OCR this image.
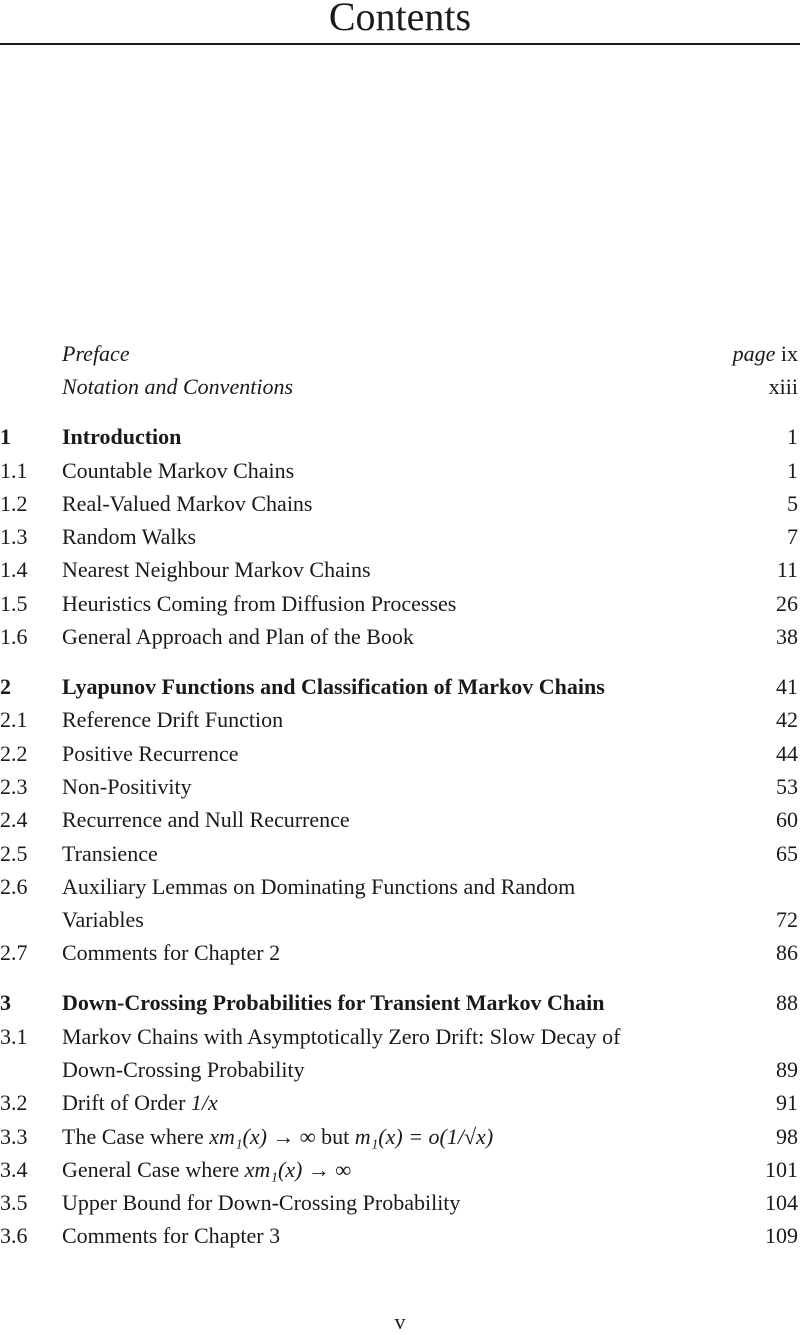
Contents
Preface	page ix
Notation and Conventions	xiii
1 Introduction	1
1.1 Countable Markov Chains	1
1.2 Real-Valued Markov Chains	5
1.3 Random Walks	7
1.4 Nearest Neighbour Markov Chains	11
1.5 Heuristics Coming from Diffusion Processes	26
1.6 General Approach and Plan of the Book	38
2 Lyapunov Functions and Classification of Markov Chains	41
2.1 Reference Drift Function	42
2.2 Positive Recurrence	44
2.3 Non-Positivity	53
2.4 Recurrence and Null Recurrence	60
2.5 Transience	65
2.6 Auxiliary Lemmas on Dominating Functions and Random
Variables	72
2.7 Comments for Chapter 2	86
3 Down-Crossing Probabilities for Transient Markov Chain	88
3.1 Markov Chains with Asymptotically Zero Drift: Slow Decay of
Down-Crossing Probability	89
3.2 Drift of Order 1/x	91
3.3 The Case where xm₁(x) → ∞ but m₁(x) = o(1/√x)	98
3.4 General Case where xm₁(x) → ∞	101
3.5 Upper Bound for Down-Crossing Probability	104
3.6 Comments for Chapter 3	109
v
